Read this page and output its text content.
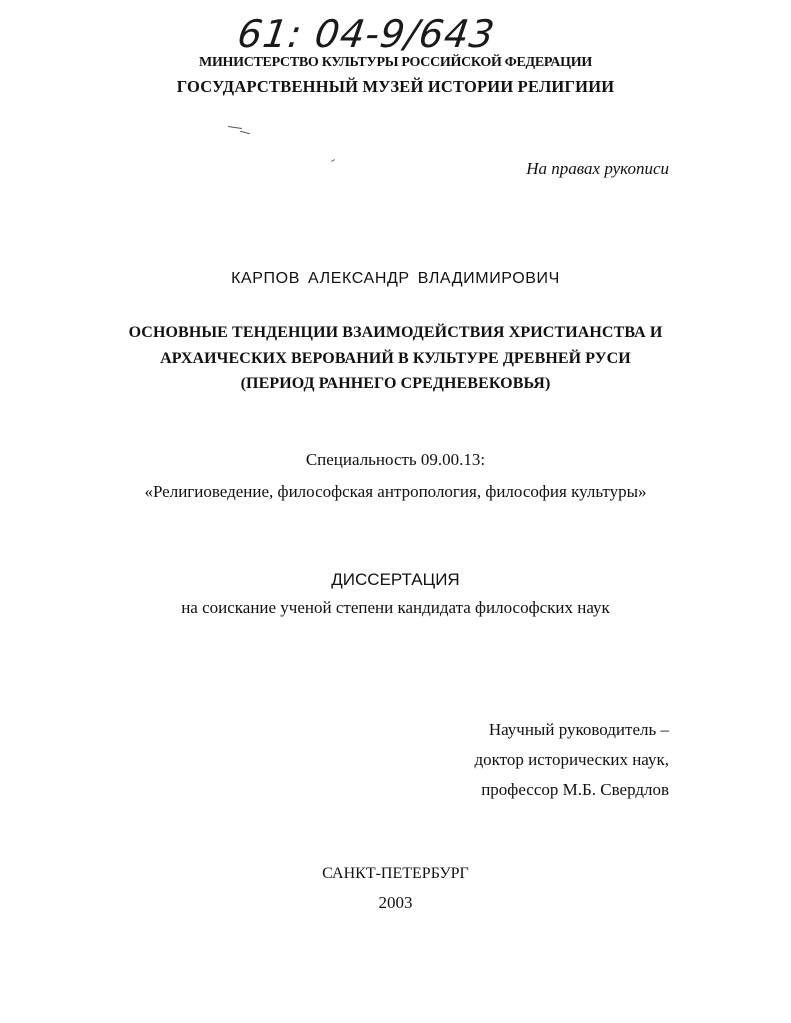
61: 04-9/643
МИНИСТЕРСТВО КУЛЬТУРЫ РОССИЙСКОЙ ФЕДЕРАЦИИ
ГОСУДАРСТВЕННЫЙ МУЗЕЙ ИСТОРИИ РЕЛИГИИИ
На правах рукописи
КАРПОВ АЛЕКСАНДР ВЛАДИМИРОВИЧ
ОСНОВНЫЕ ТЕНДЕНЦИИ ВЗАИМОДЕЙСТВИЯ ХРИСТИАНСТВА И
АРХАИЧЕСКИХ ВЕРОВАНИЙ В КУЛЬТУРЕ ДРЕВНЕЙ РУСИ
(ПЕРИОД РАННЕГО СРЕДНЕВЕКОВЬЯ)
Специальность 09.00.13:
«Религиоведение, философская антропология, философия культуры»
ДИССЕРТАЦИЯ
на соискание ученой степени кандидата философских наук
Научный руководитель –
доктор исторических наук,
профессор М.Б. Свердлов
САНКТ-ПЕТЕРБУРГ
2003
